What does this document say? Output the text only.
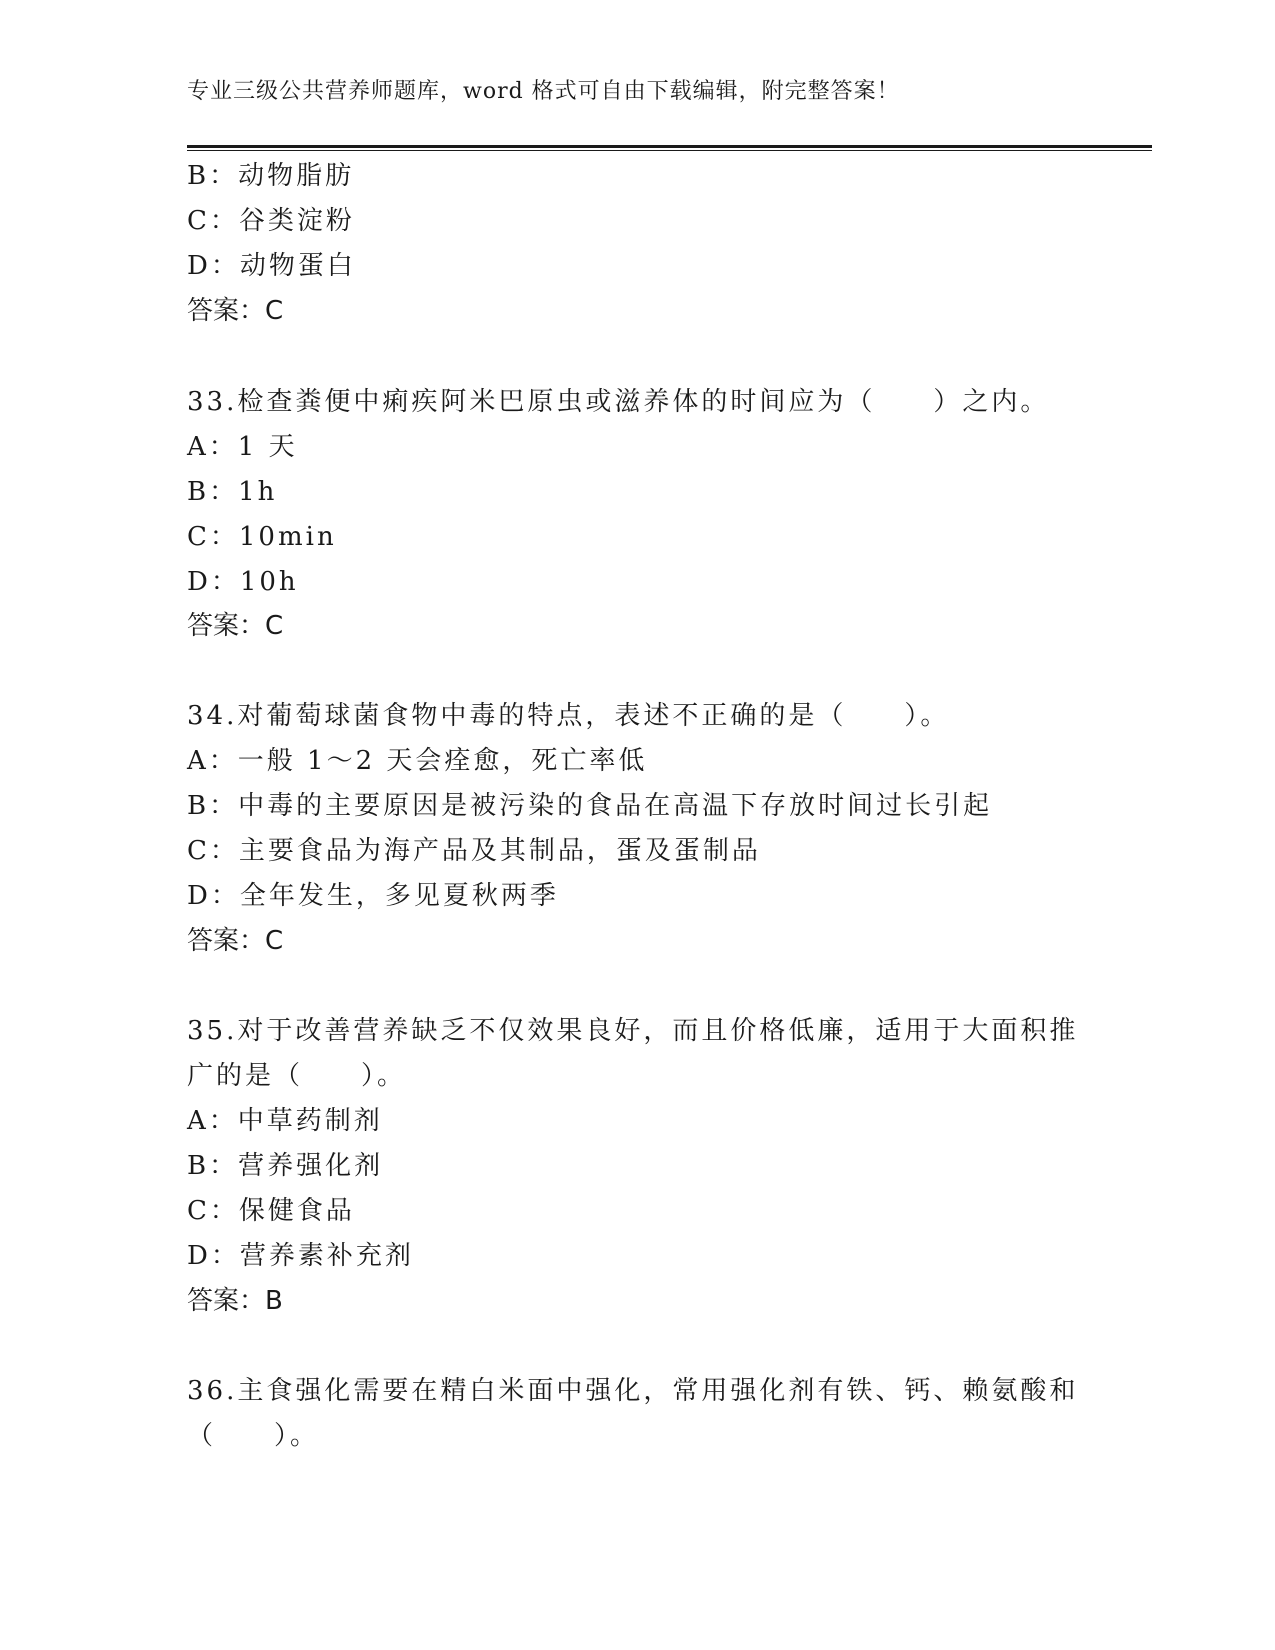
专业三级公共营养师题库，word 格式可自由下载编辑，附完整答案！
B：动物脂肪
C：谷类淀粉
D：动物蛋白
答案：C
33.检查粪便中痢疾阿米巴原虫或滋养体的时间应为（　　）之内。
A：1 天
B：1h
C：10min
D：10h
答案：C
34.对葡萄球菌食物中毒的特点，表述不正确的是（　　）。
A：一般 1～2 天会痊愈，死亡率低
B：中毒的主要原因是被污染的食品在高温下存放时间过长引起
C：主要食品为海产品及其制品，蛋及蛋制品
D：全年发生，多见夏秋两季
答案：C
35.对于改善营养缺乏不仅效果良好，而且价格低廉，适用于大面积推
广的是（　　）。
A：中草药制剂
B：营养强化剂
C：保健食品
D：营养素补充剂
答案：B
36.主食强化需要在精白米面中强化，常用强化剂有铁、钙、赖氨酸和
（　　）。
